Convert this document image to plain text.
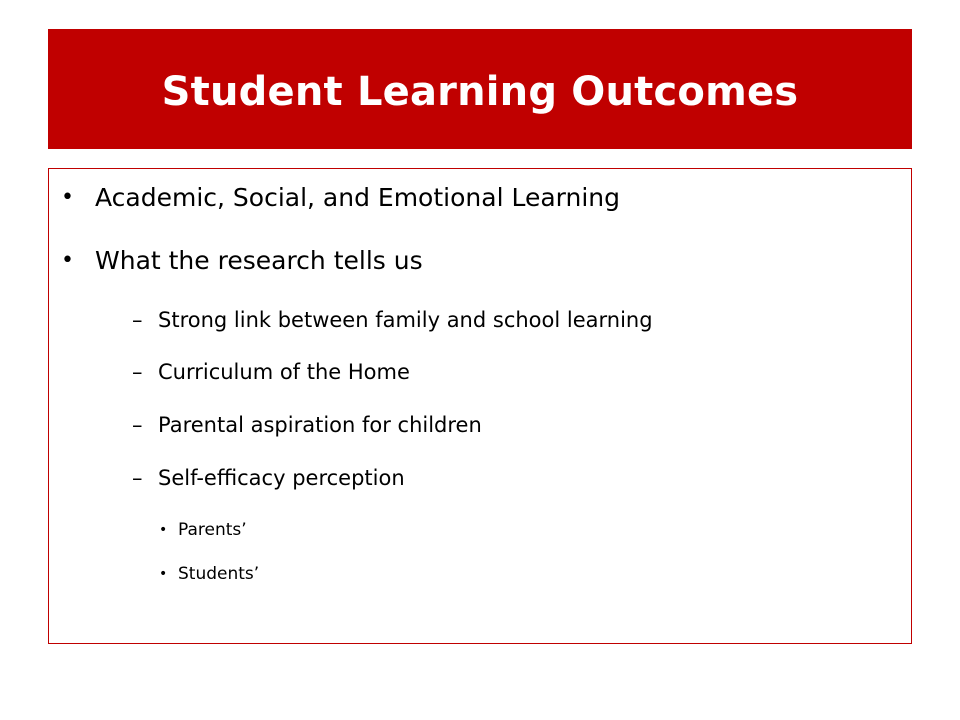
Student Learning Outcomes
• Academic, Social, and Emotional Learning
• What the research tells us
– Strong link between family and school learning
– Curriculum of the Home
– Parental aspiration for children
– Self-efficacy perception
• Parents’
• Students’
